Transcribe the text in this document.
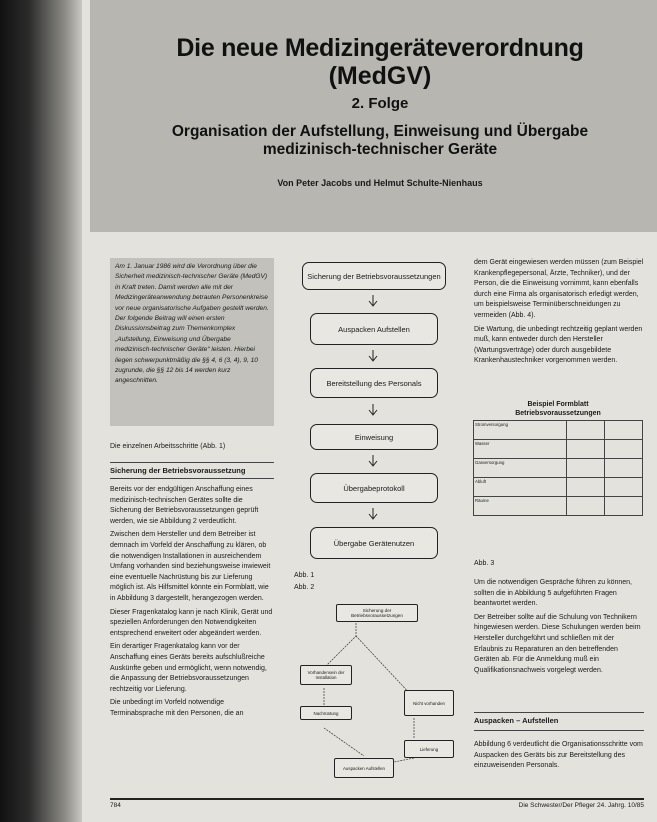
Die neue Medizingeräteverordnung
(MedGV)
2. Folge
Organisation der Aufstellung, Einweisung und Übergabe
medizinisch-technischer Geräte
Von Peter Jacobs und Helmut Schulte-Nienhaus

Am 1. Januar 1986 wird die Verordnung über die Sicherheit medizinisch-technischer Geräte (MedGV) in Kraft treten. Damit werden alle mit der Medizingeräteanwendung betrauten Personenkreise vor neue organisatorische Aufgaben gestellt werden.

Der folgende Beitrag will einen ersten Diskussionsbeitrag zum Themenkomplex „Aufstellung, Einweisung und Übergabe medizinisch-technischer Geräte“ leisten. Hierbei liegen schwerpunktmäßig die §§ 4, 6 (3, 4), 9, 10 zugrunde, die §§ 12 bis 14 werden kurz angeschnitten.

Die einzelnen Arbeitsschritte (Abb. 1)
Sicherung der Betriebsvoraussetzung

Bereits vor der endgültigen Anschaffung eines medizinisch-technischen Gerätes sollte die Sicherung der Betriebsvoraussetzungen geprüft werden, wie sie Abbildung 2 verdeutlicht.

Zwischen dem Hersteller und dem Betreiber ist demnach im Vorfeld der Anschaffung zu klären, ob die notwendigen Installationen in ausreichendem Umfang vorhanden sind beziehungsweise inwieweit eine eventuelle Nachrüstung bis zur Lieferung möglich ist. Als Hilfsmittel könnte ein Formblatt, wie in Abbildung 3 dargestellt, herangezogen werden.

Dieser Fragenkatalog kann je nach Klinik, Gerät und speziellen Anforderungen den Notwendigkeiten entsprechend erweitert oder abgeändert werden.

Ein derartiger Fragenkatalog kann vor der Anschaffung eines Geräts bereits aufschlußreiche Auskünfte geben und ermöglicht, wenn notwendig, die Anpassung der Betriebsvoraussetzungen rechtzeitig vor Lieferung.

Die unbedingt im Vorfeld notwendige Terminabsprache mit den Personen, die an

Sicherung der Betriebsvoraussetzungen
Auspacken Aufstellen
Bereitstellung des Personals
Einweisung
Übergabeprotokoll
Übergabe Gerätenutzen
Abb. 1
Abb. 2
Sicherung der Betriebsvoraussetzungen
Vorhandensein der Installation
Nachrüstung
Nicht vorhanden
Lieferung
Auspacken Aufstellen

dem Gerät eingewiesen werden müssen (zum Beispiel Krankenpflegepersonal, Ärzte, Techniker), und der Person, die die Einweisung vornimmt, kann ebenfalls durch eine Firma als organisatorisch erledigt werden, um beispielsweise Terminüberschneidungen zu vermeiden (Abb. 4).

Die Wartung, die unbedingt rechtzeitig geplant werden muß, kann entweder durch den Hersteller (Wartungsverträge) oder durch ausgebildete Krankenhaustechniker vorgenommen werden.

Beispiel Formblatt
Betriebsvoraussetzungen
Stromversorgung		
Wasser		
Gasversorgung		
Abluft		
Räume		
Abb. 3

Um die notwendigen Gespräche führen zu können, sollten die in Abbildung 5 aufgeführten Fragen beantwortet werden.

Der Betreiber sollte auf die Schulung von Technikern hingewiesen werden. Diese Schulungen werden beim Hersteller durchgeführt und schließen mit der Erlaubnis zu Reparaturen an den betreffenden Geräten ab. Für die Anmeldung muß ein Qualifikationsnachweis vorgelegt werden.

Auspacken – Aufstellen

Abbildung 6 verdeutlicht die Organisationsschritte vom Auspacken des Geräts bis zur Bereitstellung des einzuweisenden Personals.

784	Die Schwester/Der Pfleger 24. Jahrg. 10/85
